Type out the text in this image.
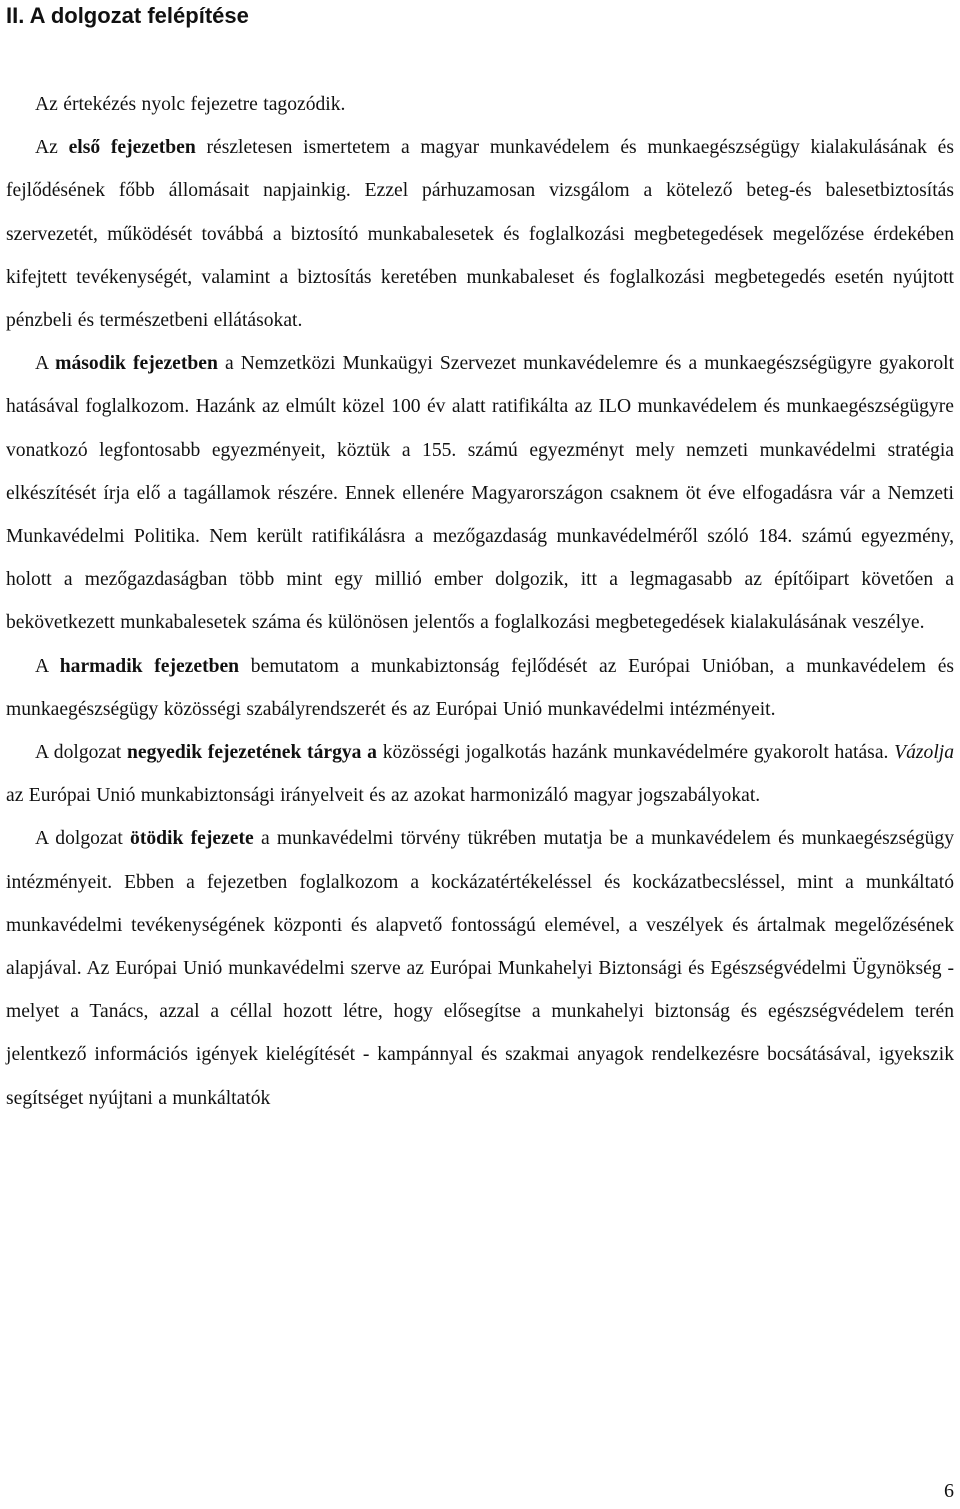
II. A dolgozat felépítése

Az értekézés nyolc fejezetre tagozódik.

Az első fejezetben részletesen ismertetem a magyar munkavédelem és munkaegészségügy kialakulásának és fejlődésének főbb állomásait napjainkig. Ezzel párhuzamosan vizsgálom a kötelező beteg-és balesetbiztosítás szervezetét, működését továbbá a biztosító munkabalesetek és foglalkozási megbetegedések megelőzése érdekében kifejtett tevékenységét, valamint a biztosítás keretében munkabaleset és foglalkozási megbetegedés esetén nyújtott pénzbeli és természetbeni ellátásokat.

A második fejezetben a Nemzetközi Munkaügyi Szervezet munkavédelemre és a munkaegészségügyre gyakorolt hatásával foglalkozom. Hazánk az elmúlt közel 100 év alatt ratifikálta az ILO munkavédelem és munkaegészségügyre vonatkozó legfontosabb egyezményeit, köztük a 155. számú egyezményt mely nemzeti munkavédelmi stratégia elkészítését írja elő a tagállamok részére. Ennek ellenére Magyarországon csaknem öt éve elfogadásra vár a Nemzeti Munkavédelmi Politika. Nem került ratifikálásra a mezőgazdaság munkavédelméről szóló 184. számú egyezmény, holott a mezőgazdaságban több mint egy millió ember dolgozik, itt a legmagasabb az építőipart követően a bekövetkezett munkabalesetek száma és különösen jelentős a foglalkozási megbetegedések kialakulásának veszélye.

A harmadik fejezetben bemutatom a munkabiztonság fejlődését az Európai Unióban, a munkavédelem és munkaegészségügy közösségi szabályrendszerét és az Európai Unió munkavédelmi intézményeit.

A dolgozat negyedik fejezetének tárgya a közösségi jogalkotás hazánk munkavédelmére gyakorolt hatása. Vázolja az Európai Unió munkabiztonsági irányelveit és az azokat harmonizáló magyar jogszabályokat.

A dolgozat ötödik fejezete a munkavédelmi törvény tükrében mutatja be a munkavédelem és munkaegészségügy intézményeit. Ebben a fejezetben foglalkozom a kockázatértékeléssel és kockázatbecsléssel, mint a munkáltató munkavédelmi tevékenységének központi és alapvető fontosságú elemével, a veszélyek és ártalmak megelőzésének alapjával. Az Európai Unió munkavédelmi szerve az Európai Munkahelyi Biztonsági és Egészségvédelmi Ügynökség - melyet a Tanács, azzal a céllal hozott létre, hogy elősegítse a munkahelyi biztonság és egészségvédelem terén jelentkező információs igények kielégítését - kampánnyal és szakmai anyagok rendelkezésre bocsátásával, igyekszik segítséget nyújtani a munkáltatók

6
